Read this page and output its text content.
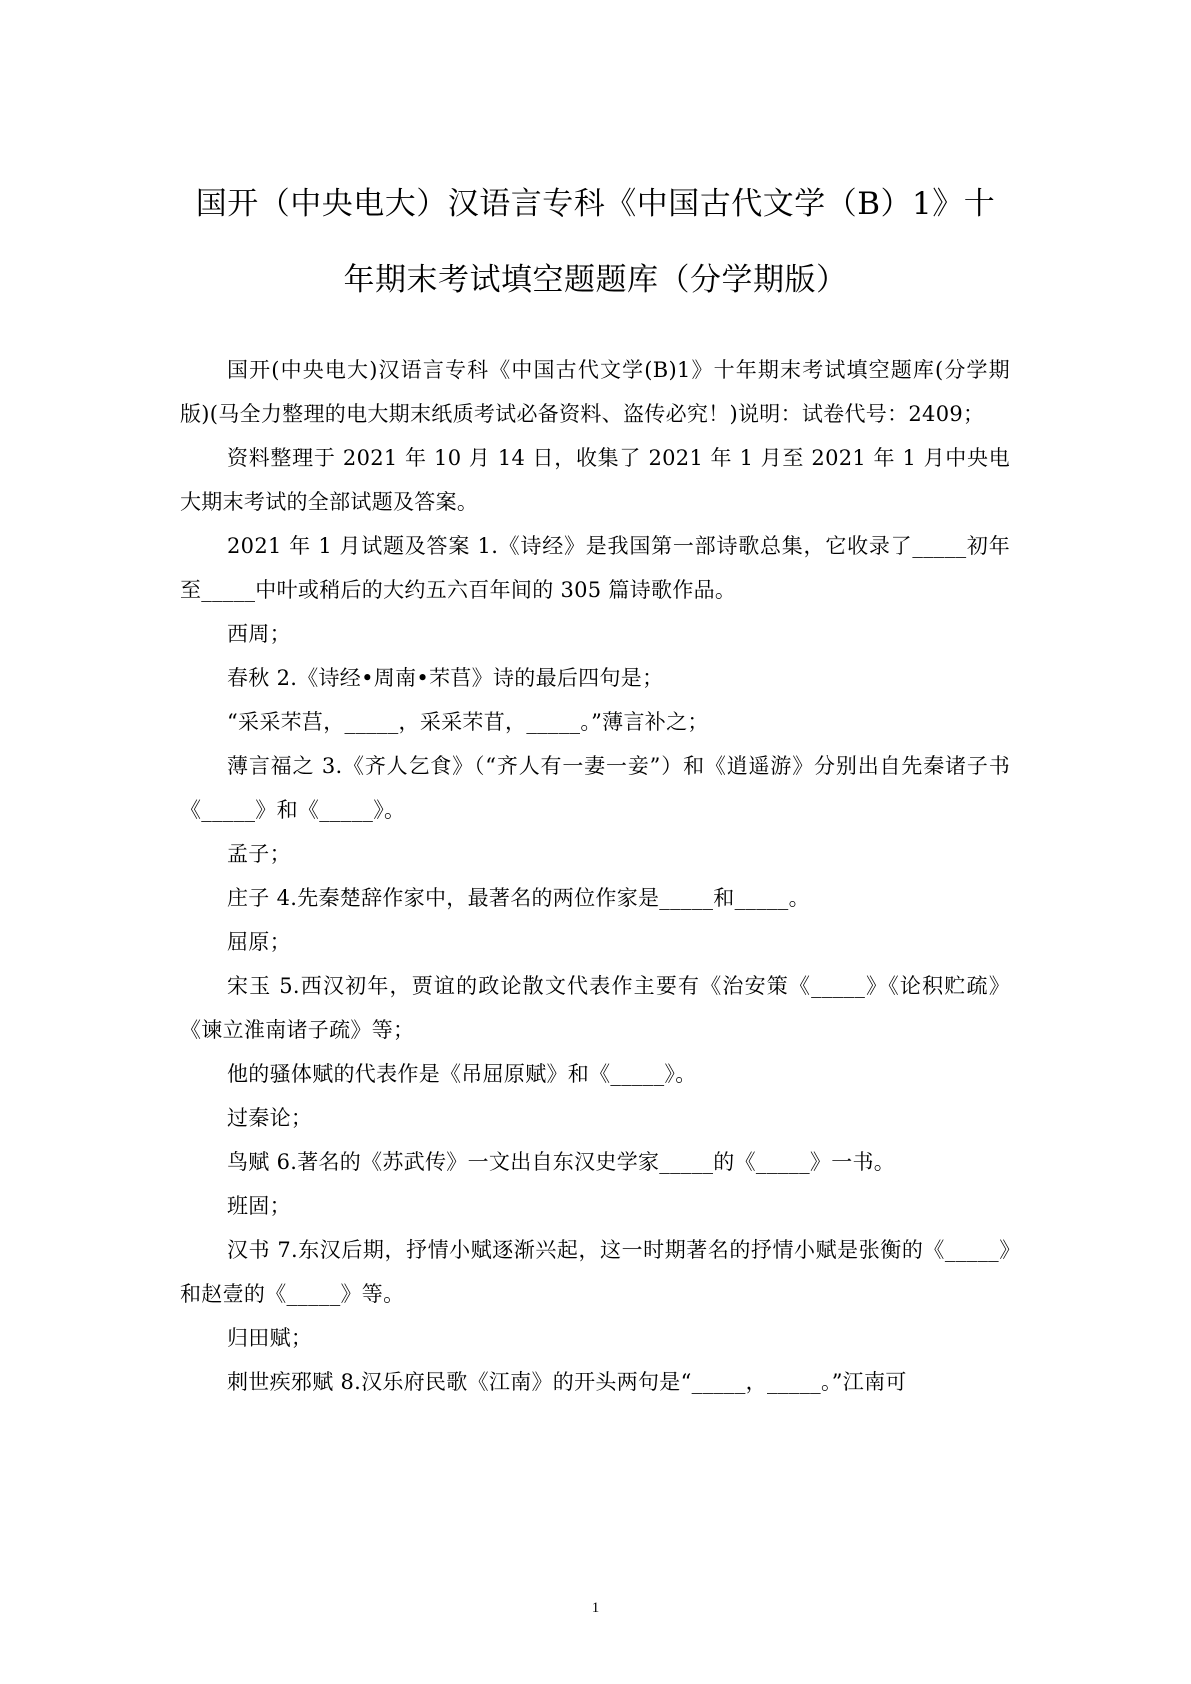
国开（中央电大）汉语言专科《中国古代文学（B）1》十
年期末考试填空题题库（分学期版）

国开(中央电大)汉语言专科《中国古代文学(B)1》十年期末考试填空题库(分学期版)(马全力整理的电大期末纸质考试必备资料、盗传必究！)说明：试卷代号：2409；

资料整理于 2021 年 10 月 14 日，收集了 2021 年 1 月至 2021 年 1 月中央电大期末考试的全部试题及答案。

2021 年 1 月试题及答案 1.《诗经》是我国第一部诗歌总集，它收录了_____初年至_____中叶或稍后的大约五六百年间的 305 篇诗歌作品。

西周；

春秋 2.《诗经•周南•芣苢》诗的最后四句是；

“采采芣莒，_____，采采芣苜，_____。”薄言补之；

薄言福之 3.《齐人乞食》（“齐人有一妻一妾”）和《逍遥游》分别出自先秦诸子书《_____》和《_____》。

孟子；

庄子 4.先秦楚辞作家中，最著名的两位作家是_____和_____。

屈原；

宋玉 5.西汉初年，贾谊的政论散文代表作主要有《治安策《_____》《论积贮疏》《谏立淮南诸子疏》等；

他的骚体赋的代表作是《吊屈原赋》和《_____》。

过秦论；

鸟赋 6.著名的《苏武传》一文出自东汉史学家_____的《_____》一书。

班固；

汉书 7.东汉后期，抒情小赋逐渐兴起，这一时期著名的抒情小赋是张衡的《_____》和赵壹的《_____》等。

归田赋；

刺世疾邪赋 8.汉乐府民歌《江南》的开头两句是“_____，_____。”江南可

1
